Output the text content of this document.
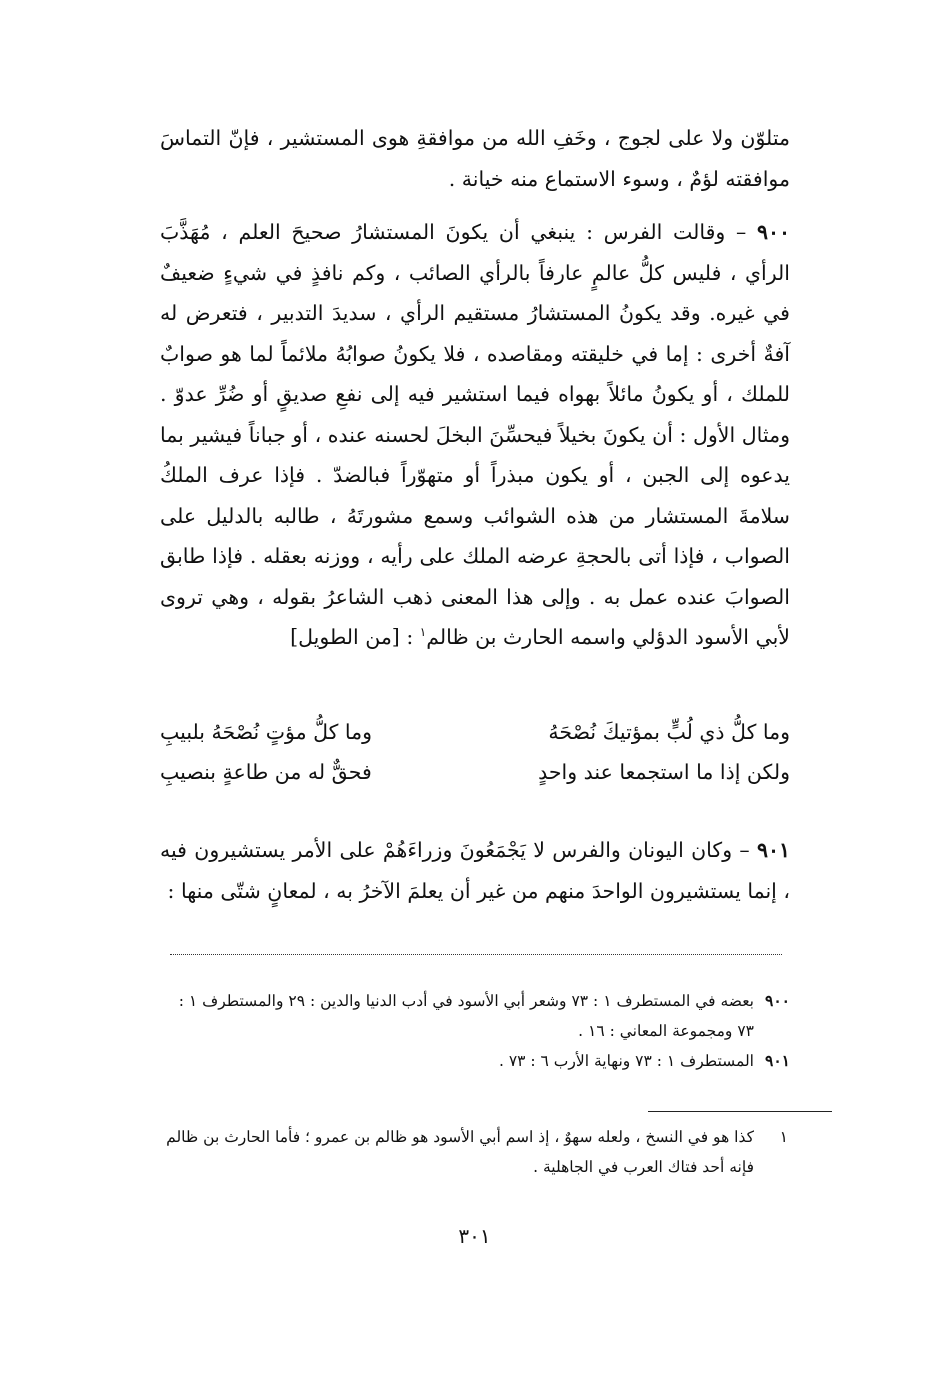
متلوّن ولا على لجوج ، وخَفِ الله من موافقةِ هوى المستشير ، فإنّ التماسَ موافقته لؤمٌ ، وسوء الاستماع منه خيانة .

٩٠٠ – وقالت الفرس : ينبغي أن يكونَ المستشارُ صحيحَ العلم ، مُهَذَّبَ الرأي ، فليس كلُّ عالمٍ عارفاً بالرأي الصائب ، وكم نافذٍ في شيءٍ ضعيفٌ في غيره. وقد يكونُ المستشارُ مستقيم الرأي ، سديدَ التدبير ، فتعرض له آفةٌ أخرى : إما في خليقته ومقاصده ، فلا يكونُ صوابُهُ ملائماً لما هو صوابٌ للملك ، أو يكونُ مائلاً بهواه فيما استشير فيه إلى نفعِ صديقٍ أو ضُرِّ عدوّ . ومثال الأول : أن يكونَ بخيلاً فيحسِّنَ البخلَ لحسنه عنده ، أو جباناً فيشير بما يدعوه إلى الجبن ، أو يكون مبذراً أو متهوّراً فبالضدّ . فإذا عرف الملكُ سلامةَ المستشار من هذه الشوائب وسمع مشورتَهُ ، طالبه بالدليل على الصواب ، فإذا أتى بالحجةِ عرضه الملك على رأيه ، ووزنه بعقله . فإذا طابق الصوابَ عنده عمل به . وإلى هذا المعنى ذهب الشاعرُ بقوله ، وهي تروى لأبي الأسود الدؤلي واسمه الحارث بن ظالم$^١$ : [من الطويل]

وما كلُّ ذي لُبٍّ بمؤتيكَ نُصْحَهُ
وما كلُّ مؤتٍ نُصْحَهُ بلبيبِ
ولكن إذا ما استجمعا عند واحدٍ
فحقٌّ له من طاعةٍ بنصيبِ

٩٠١ – وكان اليونان والفرس لا يَجْمَعُونَ وزراءَهُمْ على الأمر يستشيرون فيه ، إنما يستشيرون الواحدَ منهم من غير أن يعلمَ الآخرُ به ، لمعانٍ شتّى منها :

٩٠٠
بعضه في المستطرف ١ : ٧٣ وشعر أبي الأسود في أدب الدنيا والدين : ٢٩ والمستطرف ١ : ٧٣ ومجموعة المعاني : ١٦ .
٩٠١
المستطرف ١ : ٧٣ ونهاية الأرب ٦ : ٧٣ .
١
كذا هو في النسخ ، ولعله سهوٌ ، إذ اسم أبي الأسود هو ظالم بن عمرو ؛ فأما الحارث بن ظالم فإنه أحد فتاك العرب في الجاهلية .
٣٠١
